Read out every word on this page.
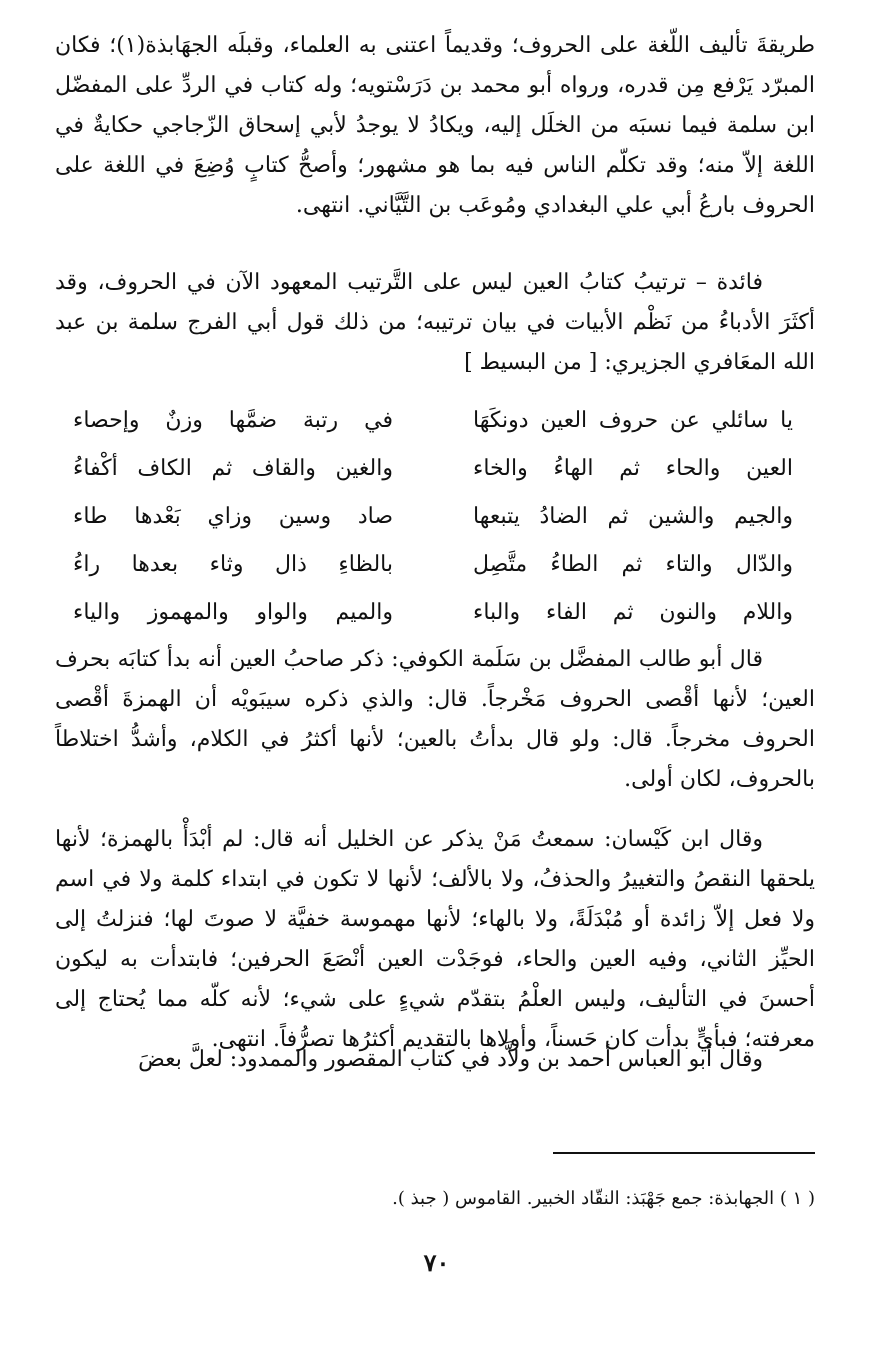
طريقةَ تأليف اللّغة على الحروف؛ وقديماً اعتنى به العلماء، وقبلَه الجهَابذة(١)؛ فكان المبرّد يَرْفع مِن قدره، ورواه أبو محمد بن دَرَسْتويه؛ وله كتاب في الردِّ على المفضّل ابن سلمة فيما نسبَه من الخلَل إليه، ويكادُ لا يوجدُ لأبي إسحاق الزّجاجي حكايةٌ في اللغة إلاّ منه؛ وقد تكلّم الناس فيه بما هو مشهور؛ وأصحُّ كتابٍ وُضِعَ في اللغة على الحروف بارعُ أبي علي البغدادي ومُوعَب بن التَّيَّاني. انتهى.

فائدة – ترتيبُ كتابُ العين ليس على التَّرتيب المعهود الآن في الحروف، وقد أكثَرَ الأدباءُ من نَظْم الأبيات في بيان ترتيبه؛ من ذلك قول أبي الفرج سلمة بن عبد الله المعَافري الجزيري: [ من البسيط ]

يا سائلي عن حروف العين دونكَهَا
في رتبة ضمَّها وزنٌ وإحصاء
العين والحاء ثم الهاءُ والخاء
والغين والقاف ثم الكاف أكْفاءُ
والجيم والشين ثم الضادُ يتبعها
صاد وسين وزاي بَعْدها طاء
والدّال والتاء ثم الطاءُ متَّصِل
بالظاءِ ذال وثاء بعدها راءُ
واللام والنون ثم الفاء والباء
والميم والواو والمهموز والياء

قال أبو طالب المفضَّل بن سَلَمة الكوفي: ذكر صاحبُ العين أنه بدأ كتابَه بحرف العين؛ لأنها أقْصى الحروف مَخْرجاً. قال: والذي ذكره سيبَويْه أن الهمزةَ أقْصى الحروف مخرجاً. قال: ولو قال بدأتُ بالعين؛ لأنها أكثرُ في الكلام، وأشدُّ اختلاطاً بالحروف، لكان أولى.

وقال ابن كَيْسان: سمعتُ مَنْ يذكر عن الخليل أنه قال: لم أبْدَأْ بالهمزة؛ لأنها يلحقها النقصُ والتغييرُ والحذفُ، ولا بالألف؛ لأنها لا تكون في ابتداء كلمة ولا في اسم ولا فعل إلاّ زائدة أو مُبْدَلَةً، ولا بالهاء؛ لأنها مهموسة خفيَّة لا صوتَ لها؛ فنزلتُ إلى الحيِّز الثاني، وفيه العين والحاء، فوجَدْت العين أنْصَعَ الحرفين؛ فابتدأت به ليكون أحسنَ في التأليف، وليس العلْمُ بتقدّم شيءٍ على شيء؛ لأنه كلّه مما يُحتاج إلى معرفته؛ فبأيٍّ بدأت كان حَسناً، وأولاها بالتقديم أكثرُها تصرُّفاً. انتهى.

وقال أبو العباس أحمد بن ولاَّد في كتاب المقصور والممدود: لعلَّ بعضَ

( ١ ) الجهابذة: جمع جَهْبَذ: النقّاد الخبير. القاموس ( جبذ ).
٧٠
